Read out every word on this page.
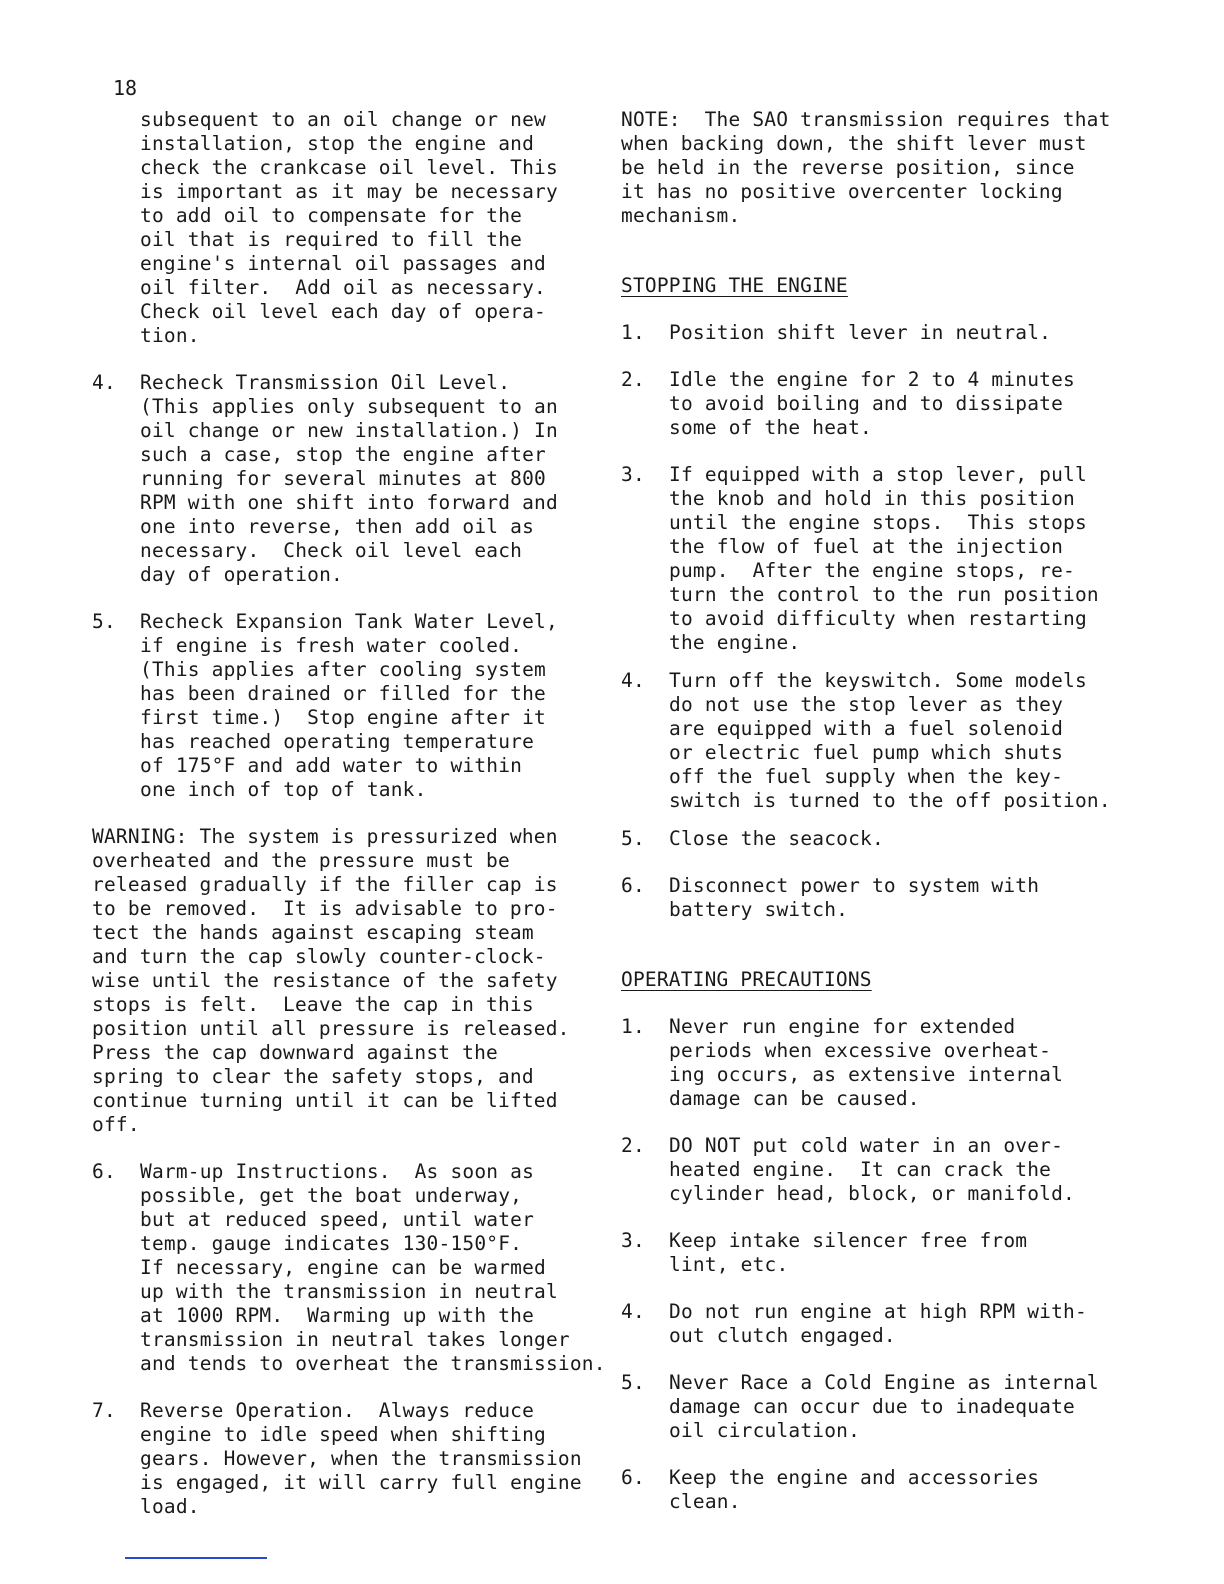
18

subsequent to an oil change or new

installation, stop the engine and

check the crankcase oil level. This

is important as it may be necessary

to add oil to compensate for the

oil that is required to fill the

engine's internal oil passages and

oil filter.  Add oil as necessary.

Check oil level each day of opera-

tion.

4. Recheck Transmission Oil Level.

(This applies only subsequent to an

oil change or new installation.) In

such a case, stop the engine after

running for several minutes at 800

RPM with one shift into forward and

one into reverse, then add oil as

necessary.  Check oil level each

day of operation.

5. Recheck Expansion Tank Water Level,

if engine is fresh water cooled.

(This applies after cooling system

has been drained or filled for the

first time.)  Stop engine after it

has reached operating temperature

of 175°F and add water to within

one inch of top of tank.

WARNING: The system is pressurized when

overheated and the pressure must be

released gradually if the filler cap is

to be removed.  It is advisable to pro-

tect the hands against escaping steam

and turn the cap slowly counter-clock-

wise until the resistance of the safety

stops is felt.  Leave the cap in this

position until all pressure is released.

Press the cap downward against the

spring to clear the safety stops, and

continue turning until it can be lifted

off.

6. Warm-up Instructions.  As soon as

possible, get the boat underway,

but at reduced speed, until water

temp. gauge indicates 130-150°F.

If necessary, engine can be warmed

up with the transmission in neutral

at 1000 RPM.  Warming up with the

transmission in neutral takes longer

and tends to overheat the transmission.

7. Reverse Operation.  Always reduce

engine to idle speed when shifting

gears. However, when the transmission

is engaged, it will carry full engine

load.

NOTE:  The SAO transmission requires that

when backing down, the shift lever must

be held in the reverse position, since

it has no positive overcenter locking

mechanism.

STOPPING THE ENGINE

1. Position shift lever in neutral.

2. Idle the engine for 2 to 4 minutes

to avoid boiling and to dissipate

some of the heat.

3. If equipped with a stop lever, pull

the knob and hold in this position

until the engine stops.  This stops

the flow of fuel at the injection

pump.  After the engine stops, re-

turn the control to the run position

to avoid difficulty when restarting

the engine.

4. Turn off the keyswitch. Some models

do not use the stop lever as they

are equipped with a fuel solenoid

or electric fuel pump which shuts

off the fuel supply when the key-

switch is turned to the off position.

5. Close the seacock.

6. Disconnect power to system with

battery switch.

OPERATING PRECAUTIONS

1. Never run engine for extended

periods when excessive overheat-

ing occurs, as extensive internal

damage can be caused.

2. DO NOT put cold water in an over-

heated engine.  It can crack the

cylinder head, block, or manifold.

3. Keep intake silencer free from

lint, etc.

4. Do not run engine at high RPM with-

out clutch engaged.

5. Never Race a Cold Engine as internal

damage can occur due to inadequate

oil circulation.

6. Keep the engine and accessories

clean.
